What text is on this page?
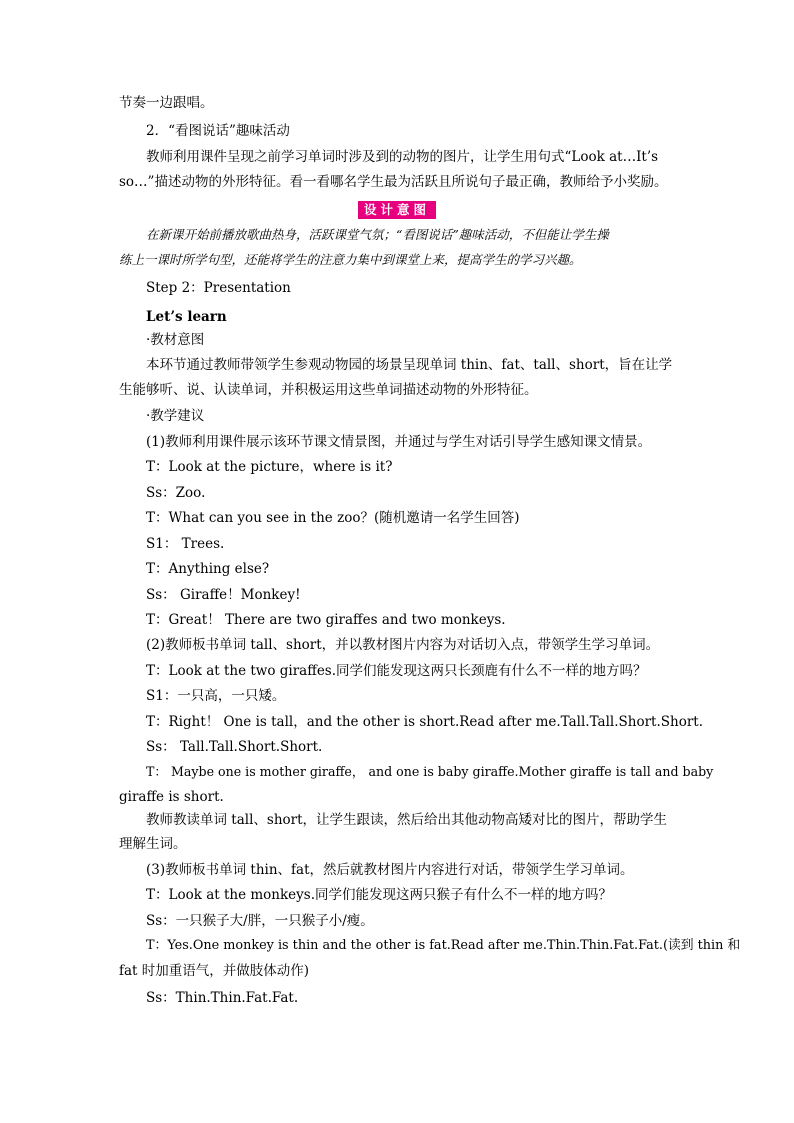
节奏一边跟唱。
2．“看图说话”趣味活动
教师利用课件呈现之前学习单词时涉及到的动物的图片，让学生用句式“Look at…It’s
so…”描述动物的外形特征。看一看哪名学生最为活跃且所说句子最正确，教师给予小奖励。
设计意图
在新课开始前播放歌曲热身，活跃课堂气氛；“看图说话”趣味活动，不但能让学生操
练上一课时所学句型，还能将学生的注意力集中到课堂上来，提高学生的学习兴趣。
Step 2：Presentation
Let’s learn
·教材意图
本环节通过教师带领学生参观动物园的场景呈现单词 thin、fat、tall、short，旨在让学
生能够听、说、认读单词，并积极运用这些单词描述动物的外形特征。
·教学建议
(1)教师利用课件展示该环节课文情景图，并通过与学生对话引导学生感知课文情景。
T：Look at the picture，where is it?
Ss：Zoo.
T：What can you see in the zoo？(随机邀请一名学生回答)
S1： Trees.
T：Anything else?
Ss： Giraffe！Monkey!
T：Great！ There are two giraffes and two monkeys.
(2)教师板书单词 tall、short，并以教材图片内容为对话切入点，带领学生学习单词。
T：Look at the two giraffes.同学们能发现这两只长颈鹿有什么不一样的地方吗？
S1：一只高，一只矮。
T：Right！ One is tall，and the other is short.Read after me.Tall.Tall.Short.Short.
Ss： Tall.Tall.Short.Short.
T： Maybe one is mother giraffe， and one is baby giraffe.Mother giraffe is tall and baby
giraffe is short.
教师教读单词 tall、short，让学生跟读，然后给出其他动物高矮对比的图片，帮助学生
理解生词。
(3)教师板书单词 thin、fat，然后就教材图片内容进行对话，带领学生学习单词。
T：Look at the monkeys.同学们能发现这两只猴子有什么不一样的地方吗？
Ss：一只猴子大/胖，一只猴子小/瘦。
T：Yes.One monkey is thin and the other is fat.Read after me.Thin.Thin.Fat.Fat.(读到 thin 和
fat 时加重语气，并做肢体动作)
Ss：Thin.Thin.Fat.Fat.
